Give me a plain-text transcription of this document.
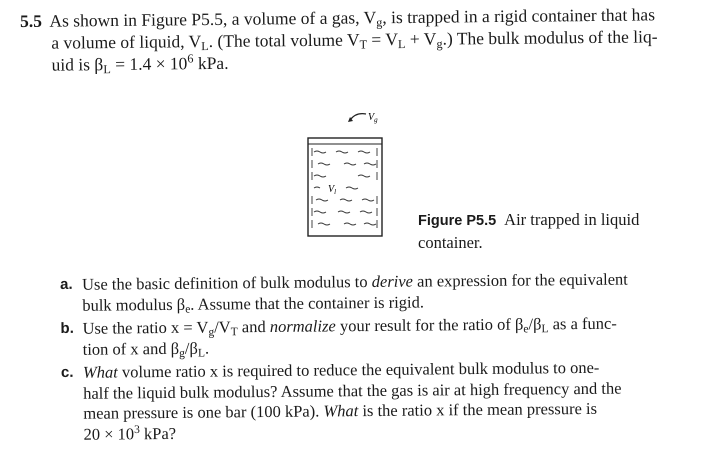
5.5 As shown in Figure P5.5, a volume of a gas, $V_g$, is trapped in a rigid container that has
a volume of liquid, $V_L$. (The total volume $V_T = V_L + V_g$.) The bulk modulus of the liq-
uid is $\beta_L = 1.4 \times 10^6$ kPa.
$V_g$
$V_l$
Figure P5.5 Air trapped in liquid
container.
a. Use the basic definition of bulk modulus to derive an expression for the equivalent
bulk modulus $\beta_e$. Assume that the container is rigid.
b. Use the ratio $x = V_g/V_T$ and normalize your result for the ratio of $\beta_e/\beta_L$ as a func-
tion of x and $\beta_g/\beta_L$.
c. What volume ratio x is required to reduce the equivalent bulk modulus to one-
half the liquid bulk modulus? Assume that the gas is air at high frequency and the
mean pressure is one bar (100 kPa). What is the ratio x if the mean pressure is
$20 \times 10^3$ kPa?
